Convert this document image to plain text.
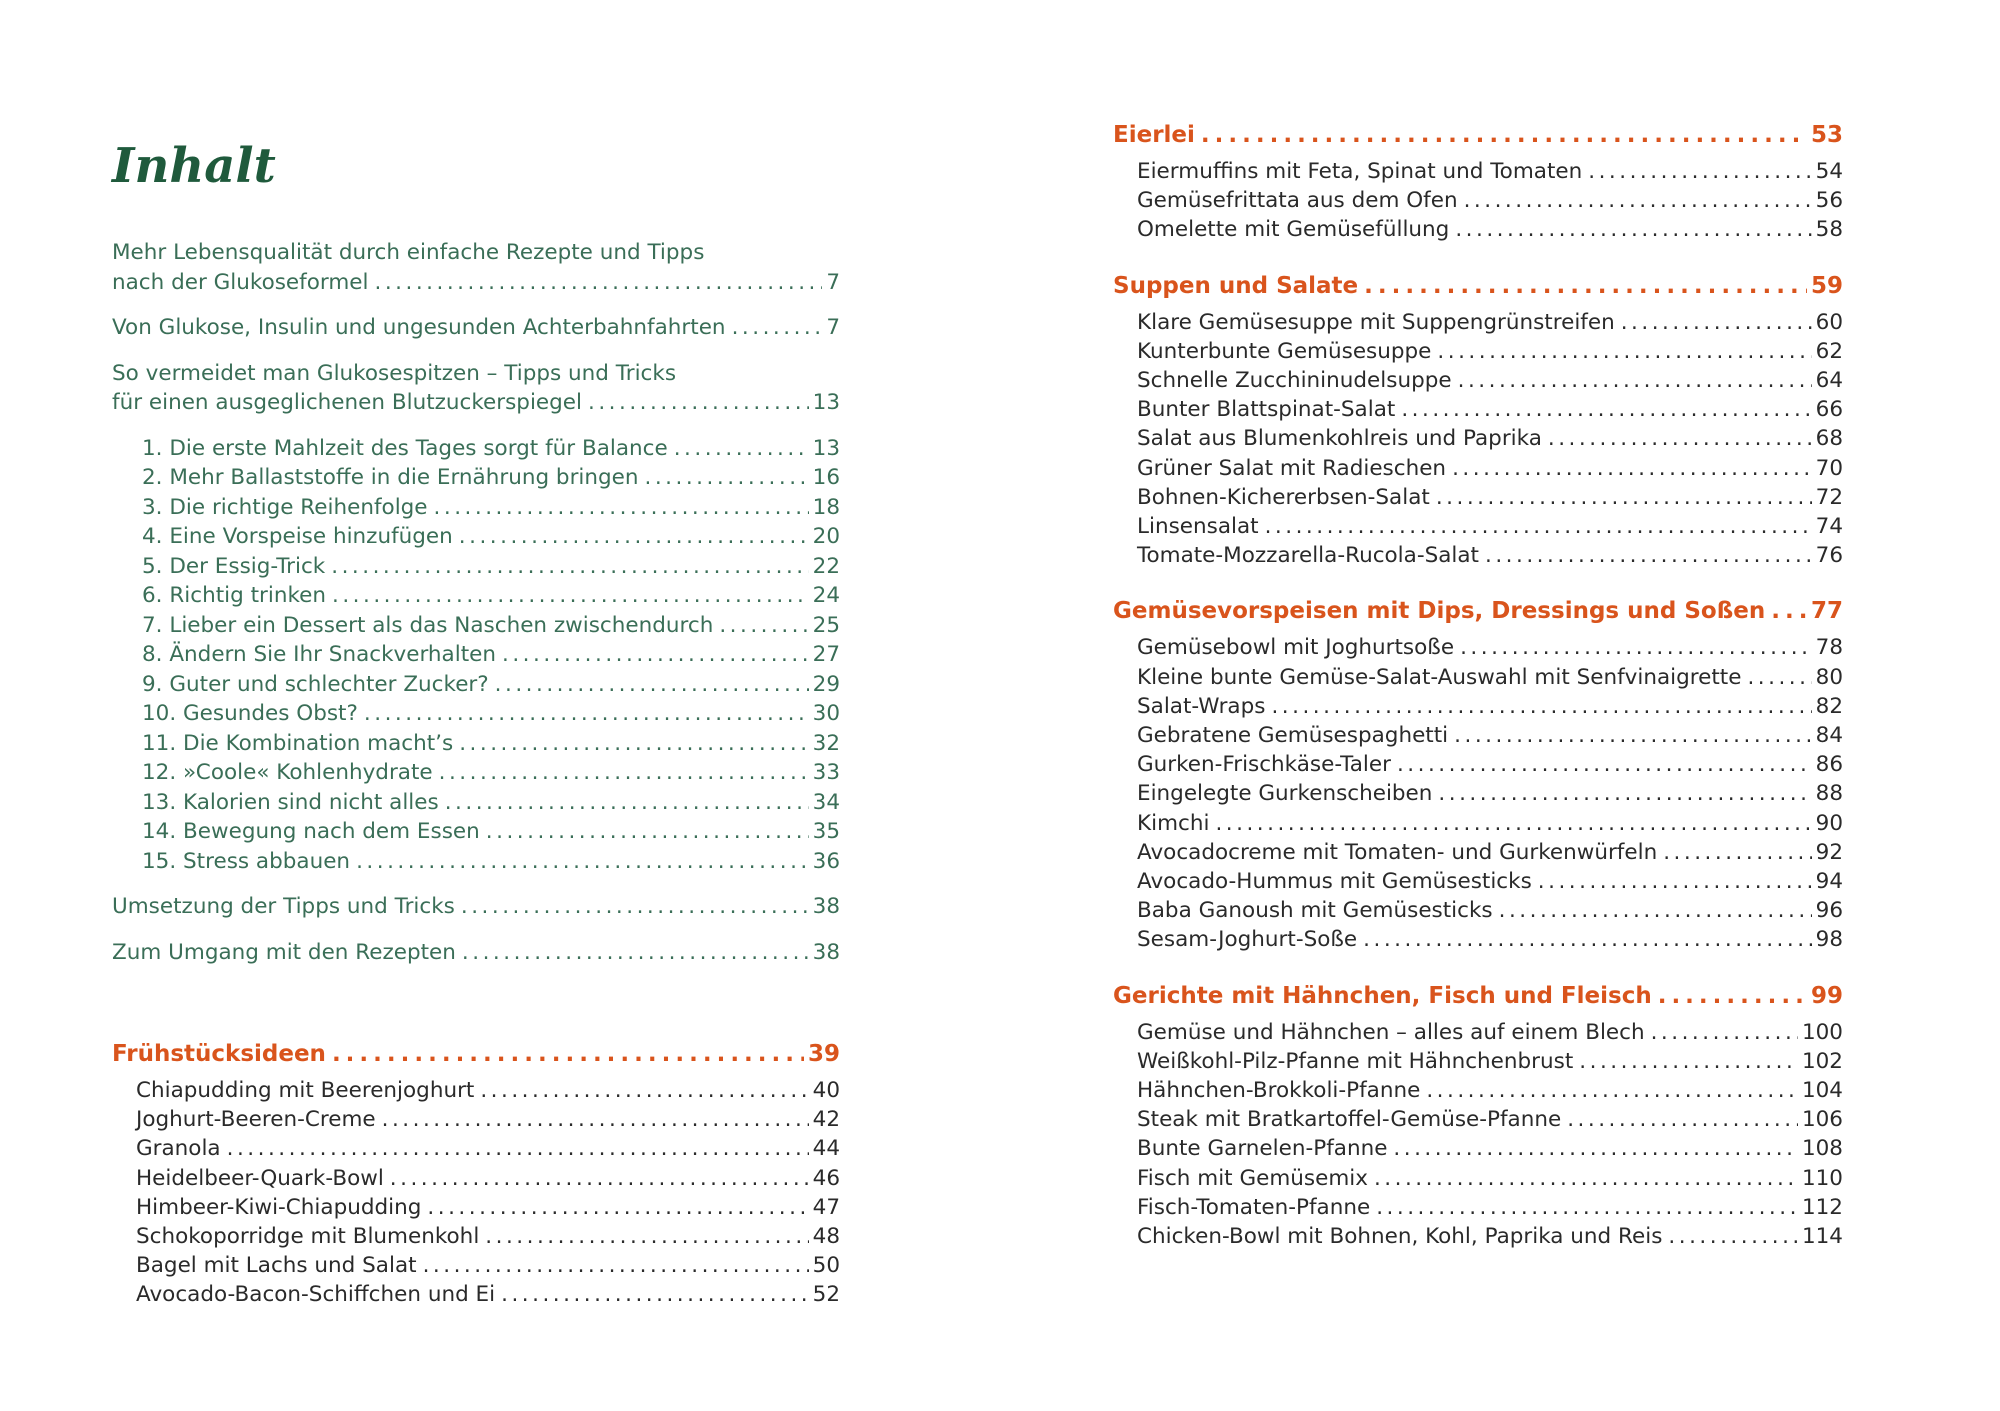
Inhalt
Mehr Lebensqualität durch einfache Rezepte und Tipps
nach der Glukoseformel .....	7
Von Glukose, Insulin und ungesunden Achterbahnfahrten .....	7
So vermeidet man Glukosespitzen – Tipps und Tricks
für einen ausgeglichenen Blutzuckerspiegel .....	13
1. Die erste Mahlzeit des Tages sorgt für Balance .....	13
2. Mehr Ballaststoffe in die Ernährung bringen .....	16
3. Die richtige Reihenfolge .....	18
4. Eine Vorspeise hinzufügen .....	20
5. Der Essig-Trick .....	22
6. Richtig trinken .....	24
7. Lieber ein Dessert als das Naschen zwischendurch .....	25
8. Ändern Sie Ihr Snackverhalten .....	27
9. Guter und schlechter Zucker? .....	29
10. Gesundes Obst? .....	30
11. Die Kombination macht’s .....	32
12. »Coole« Kohlenhydrate .....	33
13. Kalorien sind nicht alles .....	34
14. Bewegung nach dem Essen .....	35
15. Stress abbauen .....	36
Umsetzung der Tipps und Tricks .....	38
Zum Umgang mit den Rezepten .....	38
Frühstücksideen .....	39
Chiapudding mit Beerenjoghurt .....	40
Joghurt-Beeren-Creme .....	42
Granola .....	44
Heidelbeer-Quark-Bowl .....	46
Himbeer-Kiwi-Chiapudding .....	47
Schokoporridge mit Blumenkohl .....	48
Bagel mit Lachs und Salat .....	50
Avocado-Bacon-Schiffchen und Ei .....	52
Eierlei .....	53
Eiermuffins mit Feta, Spinat und Tomaten .....	54
Gemüsefrittata aus dem Ofen .....	56
Omelette mit Gemüsefüllung .....	58
Suppen und Salate .....	59
Klare Gemüsesuppe mit Suppengrünstreifen .....	60
Kunterbunte Gemüsesuppe .....	62
Schnelle Zucchininudelsuppe .....	64
Bunter Blattspinat-Salat .....	66
Salat aus Blumenkohlreis und Paprika .....	68
Grüner Salat mit Radieschen .....	70
Bohnen-Kichererbsen-Salat .....	72
Linsensalat .....	74
Tomate-Mozzarella-Rucola-Salat .....	76
Gemüsevorspeisen mit Dips, Dressings und Soßen ..... 77
Gemüsebowl mit Joghurtsoße .....	78
Kleine bunte Gemüse-Salat-Auswahl mit Senfvinaigrette .....	80
Salat-Wraps .....	82
Gebratene Gemüsespaghetti .....	84
Gurken-Frischkäse-Taler .....	86
Eingelegte Gurkenscheiben .....	88
Kimchi .....	90
Avocadocreme mit Tomaten- und Gurkenwürfeln .....	92
Avocado-Hummus mit Gemüsesticks .....	94
Baba Ganoush mit Gemüsesticks .....	96
Sesam-Joghurt-Soße .....	98
Gerichte mit Hähnchen, Fisch und Fleisch .....	99
Gemüse und Hähnchen – alles auf einem Blech .....	100
Weißkohl-Pilz-Pfanne mit Hähnchenbrust .....	102
Hähnchen-Brokkoli-Pfanne .....	104
Steak mit Bratkartoffel-Gemüse-Pfanne .....	106
Bunte Garnelen-Pfanne .....	108
Fisch mit Gemüsemix .....	110
Fisch-Tomaten-Pfanne .....	112
Chicken-Bowl mit Bohnen, Kohl, Paprika und Reis .....	114
